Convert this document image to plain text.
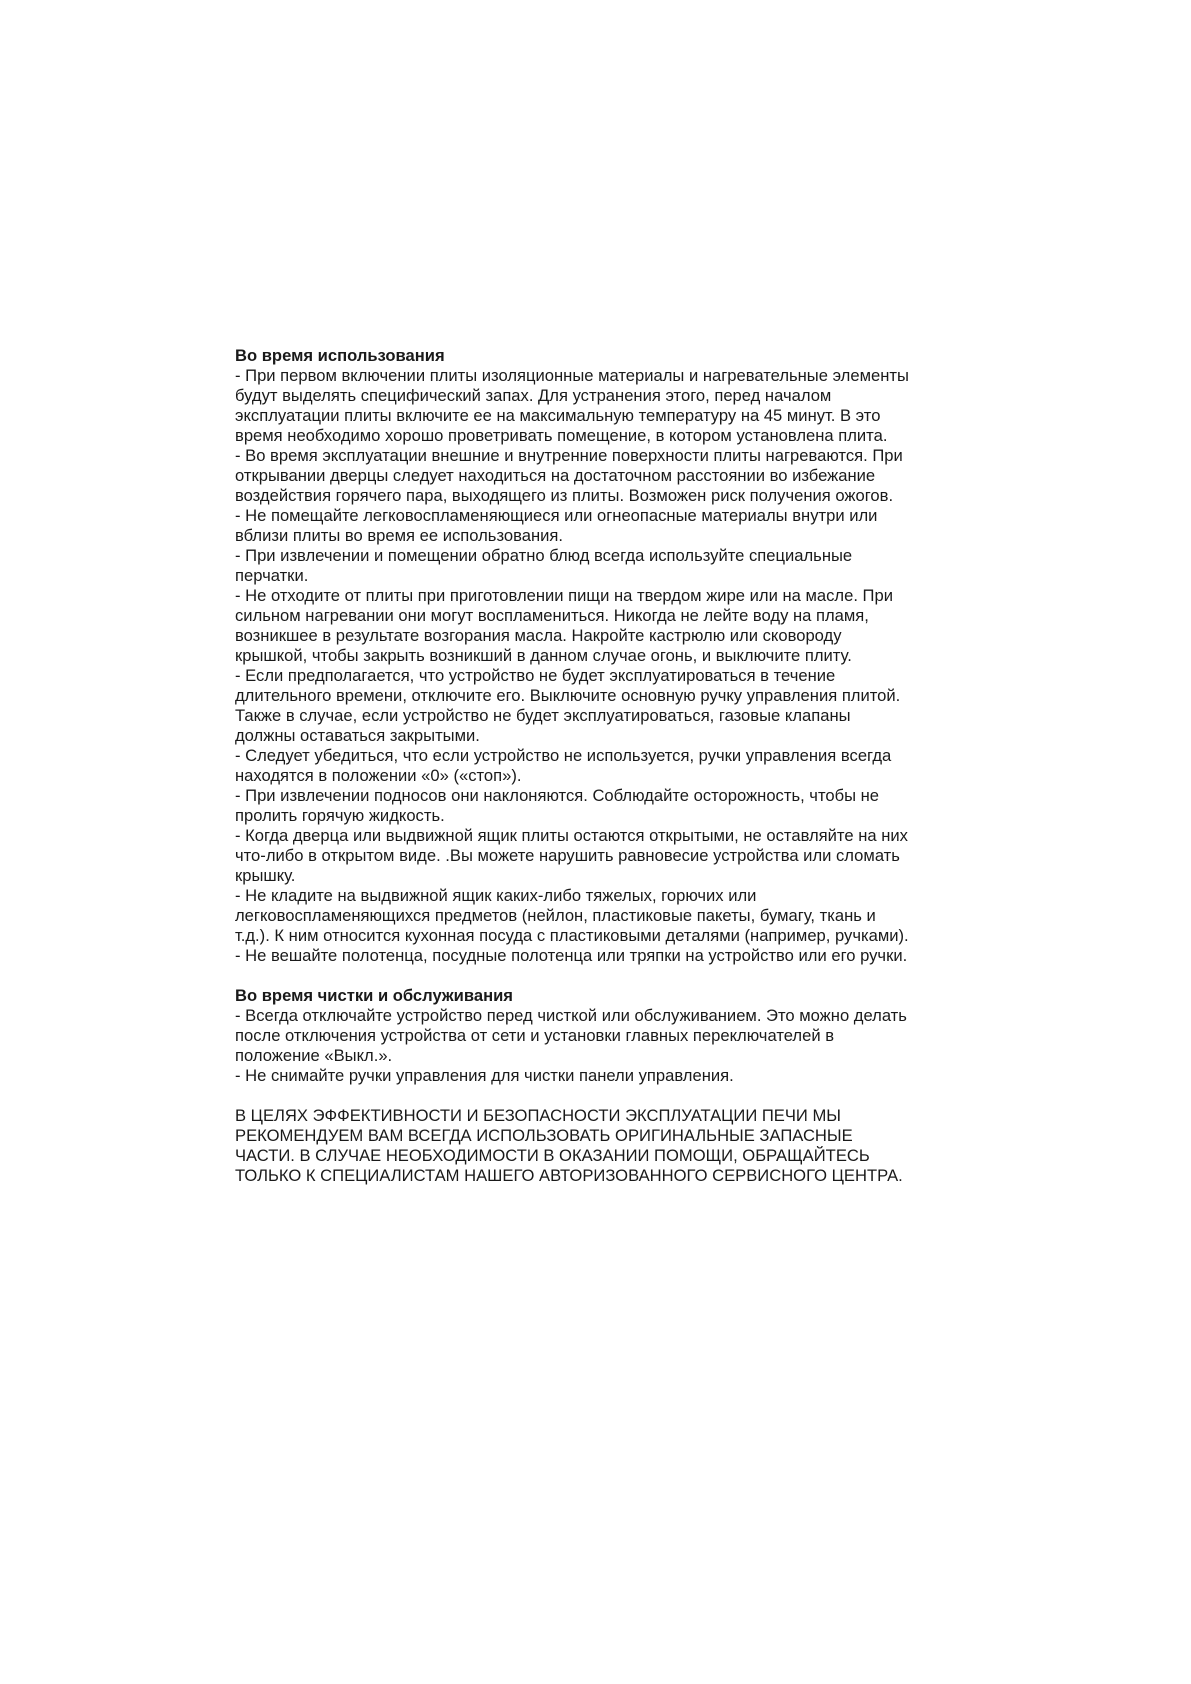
Во время использования

- При первом включении плиты изоляционные материалы и нагревательные элементы

будут выделять специфический запах. Для устранения этого, перед началом

эксплуатации плиты включите ее на максимальную температуру на 45 минут. В это

время необходимо хорошо проветривать помещение, в котором установлена плита.

- Во время эксплуатации внешние и внутренние поверхности плиты нагреваются. При

открывании дверцы следует находиться на достаточном расстоянии во избежание

воздействия горячего пара, выходящего из плиты. Возможен риск получения ожогов.

- Не помещайте легковоспламеняющиеся или огнеопасные материалы внутри или

вблизи плиты во время ее использования.

- При извлечении и помещении обратно блюд всегда используйте специальные

перчатки.

- Не отходите от плиты при приготовлении пищи на твердом жире или на масле. При

сильном нагревании они могут воспламениться. Никогда не лейте воду на пламя,

возникшее в результате возгорания масла. Накройте кастрюлю или сковороду

крышкой, чтобы закрыть возникший в данном случае огонь, и выключите плиту.

- Если предполагается, что устройство не будет эксплуатироваться в течение

длительного времени, отключите его. Выключите основную ручку управления плитой.

Также в случае, если устройство не будет эксплуатироваться, газовые клапаны

должны оставаться закрытыми.

- Следует убедиться, что если устройство не используется, ручки управления всегда

находятся в положении «0» («стоп»).

- При извлечении подносов они наклоняются. Соблюдайте осторожность, чтобы не

пролить горячую жидкость.

- Когда дверца или выдвижной ящик плиты остаются открытыми, не оставляйте на них

что-либо в открытом виде. .Вы можете нарушить равновесие устройства или сломать

крышку.

- Не кладите на выдвижной ящик каких-либо тяжелых, горючих или

легковоспламеняющихся предметов (нейлон, пластиковые пакеты, бумагу, ткань и

т.д.). К ним относится кухонная посуда с пластиковыми деталями (например, ручками).

- Не вешайте полотенца, посудные полотенца или тряпки на устройство или его ручки.

Во время чистки и обслуживания

- Всегда отключайте устройство перед чисткой или обслуживанием. Это можно делать

после отключения устройства от сети и установки главных переключателей в

положение «Выкл.».

- Не снимайте ручки управления для чистки панели управления.

В ЦЕЛЯХ ЭФФЕКТИВНОСТИ И БЕЗОПАСНОСТИ ЭКСПЛУАТАЦИИ ПЕЧИ МЫ

РЕКОМЕНДУЕМ ВАМ ВСЕГДА ИСПОЛЬЗОВАТЬ ОРИГИНАЛЬНЫЕ ЗАПАСНЫЕ

ЧАСТИ. В СЛУЧАЕ НЕОБХОДИМОСТИ В ОКАЗАНИИ ПОМОЩИ, ОБРАЩАЙТЕСЬ

ТОЛЬКО К СПЕЦИАЛИСТАМ НАШЕГО АВТОРИЗОВАННОГО СЕРВИСНОГО ЦЕНТРА.
